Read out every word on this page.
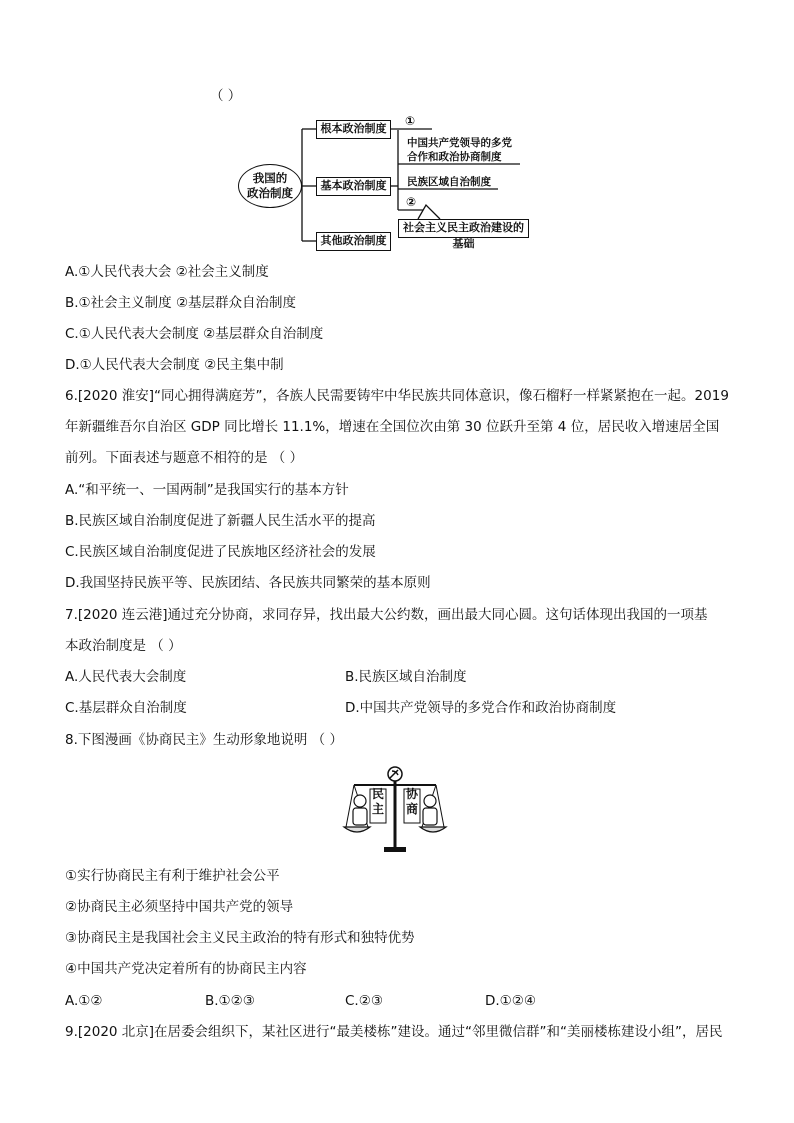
（ ）
我国的
政治制度
根本政治制度
基本政治制度
其他政治制度
①
中国共产党领导的多党
合作和政治协商制度
民族区域自治制度
②
社会主义民主政治建设的基础
A.①人民代表大会 ②社会主义制度
B.①社会主义制度 ②基层群众自治制度
C.①人民代表大会制度 ②基层群众自治制度
D.①人民代表大会制度 ②民主集中制
6.[2020 淮安]“同心拥得满庭芳”，各族人民需要铸牢中华民族共同体意识，像石榴籽一样紧紧抱在一起。2019
年新疆维吾尔自治区 GDP 同比增长 11.1%，增速在全国位次由第 30 位跃升至第 4 位，居民收入增速居全国
前列。下面表述与题意不相符的是 （ ）
A.“和平统一、一国两制”是我国实行的基本方针
B.民族区域自治制度促进了新疆人民生活水平的提高
C.民族区域自治制度促进了民族地区经济社会的发展
D.我国坚持民族平等、民族团结、各民族共同繁荣的基本原则
7.[2020 连云港]通过充分协商，求同存异，找出最大公约数，画出最大同心圆。这句话体现出我国的一项基
本政治制度是 （ ）
A.人民代表大会制度	B.民族区域自治制度
C.基层群众自治制度	D.中国共产党领导的多党合作和政治协商制度
8.下图漫画《协商民主》生动形象地说明 （ ）
民主
协商
①实行协商民主有利于维护社会公平
②协商民主必须坚持中国共产党的领导
③协商民主是我国社会主义民主政治的特有形式和独特优势
④中国共产党决定着所有的协商民主内容
A.①②	B.①②③	C.②③	D.①②④
9.[2020 北京]在居委会组织下，某社区进行“最美楼栋”建设。通过“邻里微信群”和“美丽楼栋建设小组”，居民
